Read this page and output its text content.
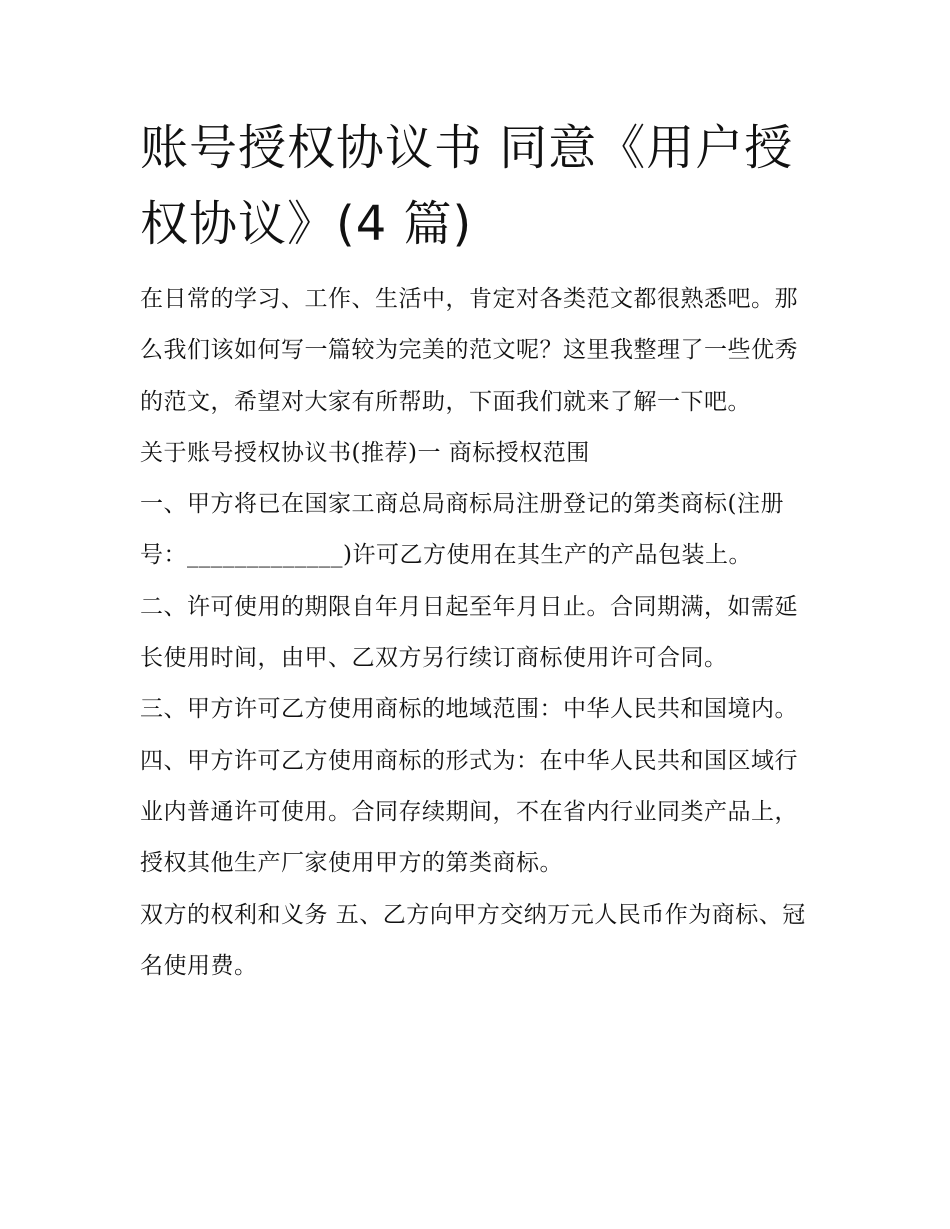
账号授权协议书 同意《用户授权协议》(4 篇)

在日常的学习、工作、生活中，肯定对各类范文都很熟悉吧。那么我们该如何写一篇较为完美的范文呢？这里我整理了一些优秀的范文，希望对大家有所帮助，下面我们就来了解一下吧。

关于账号授权协议书(推荐)一 商标授权范围

一、甲方将已在国家工商总局商标局注册登记的第类商标(注册号：_____________)许可乙方使用在其生产的产品包装上。

二、许可使用的期限自年月日起至年月日止。合同期满，如需延长使用时间，由甲、乙双方另行续订商标使用许可合同。

三、甲方许可乙方使用商标的地域范围：中华人民共和国境内。

四、甲方许可乙方使用商标的形式为：在中华人民共和国区域行业内普通许可使用。合同存续期间，不在省内行业同类产品上，授权其他生产厂家使用甲方的第类商标。

双方的权利和义务 五、乙方向甲方交纳万元人民币作为商标、冠名使用费。
